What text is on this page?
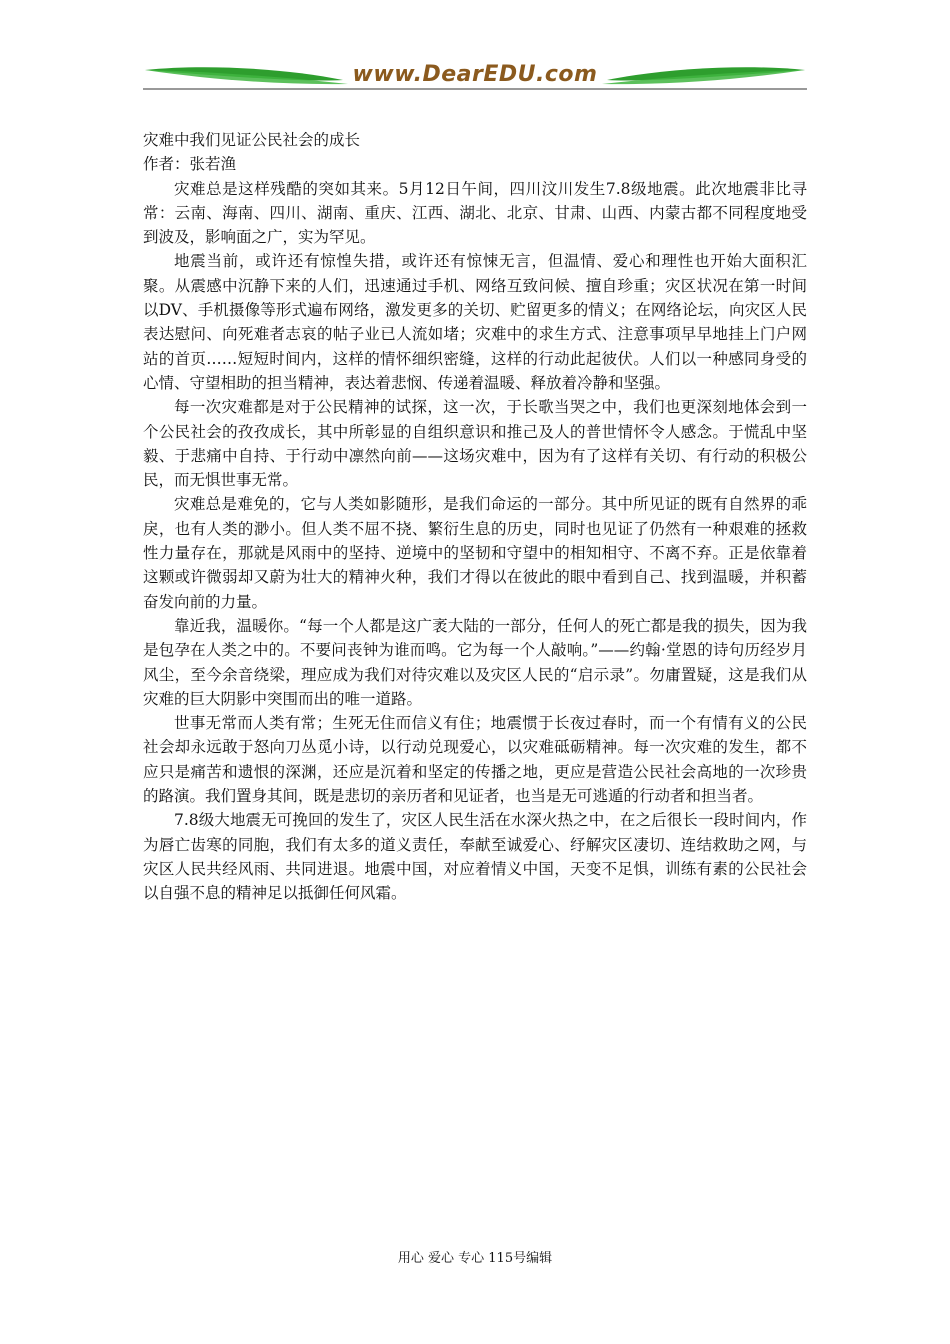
www.DearEDU.com

灾难中我们见证公民社会的成长

作者：张若渔

灾难总是这样残酷的突如其来。5月12日午间，四川汶川发生7.8级地震。此次地震非比寻常：云南、海南、四川、湖南、重庆、江西、湖北、北京、甘肃、山西、内蒙古都不同程度地受到波及，影响面之广，实为罕见。

地震当前，或许还有惊惶失措，或许还有惊悚无言，但温情、爱心和理性也开始大面积汇聚。从震感中沉静下来的人们，迅速通过手机、网络互致问候、擅自珍重；灾区状况在第一时间以DV、手机摄像等形式遍布网络，激发更多的关切、贮留更多的情义；在网络论坛，向灾区人民表达慰问、向死难者志哀的帖子业已人流如堵；灾难中的求生方式、注意事项早早地挂上门户网站的首页……短短时间内，这样的情怀细织密缝，这样的行动此起彼伏。人们以一种感同身受的心情、守望相助的担当精神，表达着悲悯、传递着温暖、释放着冷静和坚强。

每一次灾难都是对于公民精神的试探，这一次，于长歌当哭之中，我们也更深刻地体会到一个公民社会的孜孜成长，其中所彰显的自组织意识和推己及人的普世情怀令人感念。于慌乱中坚毅、于悲痛中自持、于行动中凛然向前——这场灾难中，因为有了这样有关切、有行动的积极公民，而无惧世事无常。

灾难总是难免的，它与人类如影随形，是我们命运的一部分。其中所见证的既有自然界的乖戾，也有人类的渺小。但人类不屈不挠、繁衍生息的历史，同时也见证了仍然有一种艰难的拯救性力量存在，那就是风雨中的坚持、逆境中的坚韧和守望中的相知相守、不离不弃。正是依靠着这颗或许微弱却又蔚为壮大的精神火种，我们才得以在彼此的眼中看到自己、找到温暖，并积蓄奋发向前的力量。

靠近我，温暖你。“每一个人都是这广袤大陆的一部分，任何人的死亡都是我的损失，因为我是包孕在人类之中的。不要问丧钟为谁而鸣。它为每一个人敲响。”——约翰·堂恩的诗句历经岁月风尘，至今余音绕梁，理应成为我们对待灾难以及灾区人民的“启示录”。勿庸置疑，这是我们从灾难的巨大阴影中突围而出的唯一道路。

世事无常而人类有常；生死无住而信义有住；地震惯于长夜过春时，而一个有情有义的公民社会却永远敢于怒向刀丛觅小诗，以行动兑现爱心，以灾难砥砺精神。每一次灾难的发生，都不应只是痛苦和遗恨的深渊，还应是沉着和坚定的传播之地，更应是营造公民社会高地的一次珍贵的路演。我们置身其间，既是悲切的亲历者和见证者，也当是无可逃遁的行动者和担当者。

7.8级大地震无可挽回的发生了，灾区人民生活在水深火热之中，在之后很长一段时间内，作为唇亡齿寒的同胞，我们有太多的道义责任，奉献至诚爱心、纾解灾区凄切、连结救助之网，与灾区人民共经风雨、共同进退。地震中国，对应着情义中国，天变不足惧，训练有素的公民社会以自强不息的精神足以抵御任何风霜。

用心 爱心 专心 115号编辑
